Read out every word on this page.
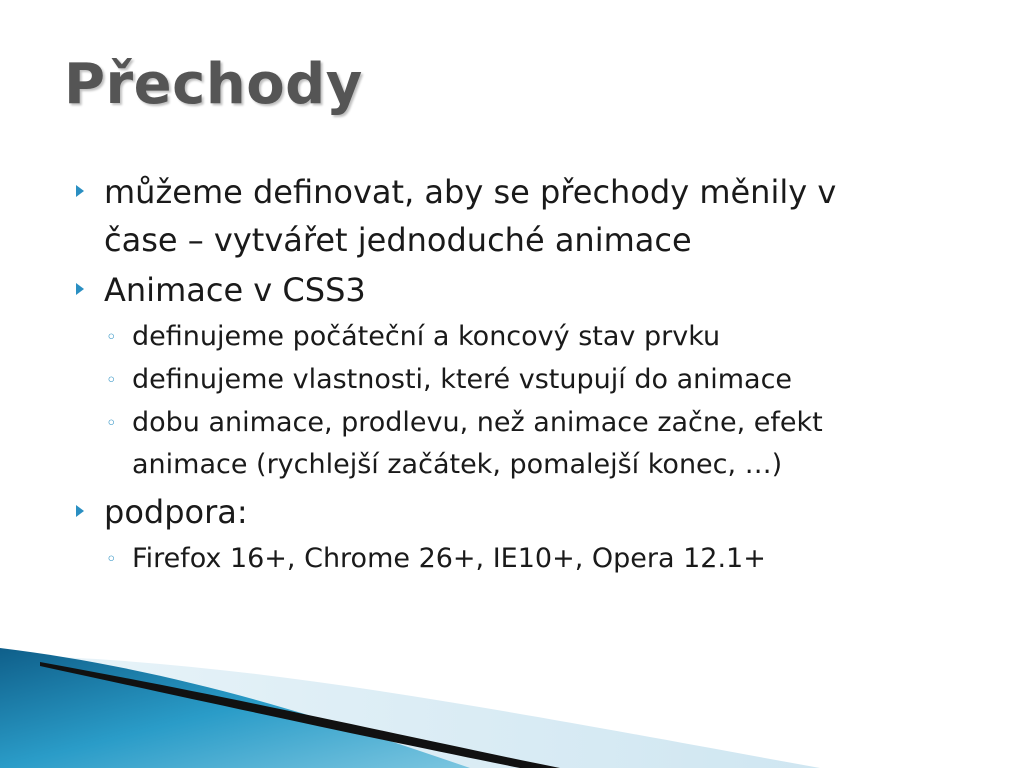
Přechody
můžeme definovat, aby se přechody měnily v
čase – vytvářet jednoduché animace
Animace v CSS3
◦ definujeme počáteční a koncový stav prvku
◦ definujeme vlastnosti, které vstupují do animace
◦ dobu animace, prodlevu, než animace začne, efekt
animace (rychlejší začátek, pomalejší konec, …)
podpora:
◦ Firefox 16+, Chrome 26+, IE10+, Opera 12.1+
